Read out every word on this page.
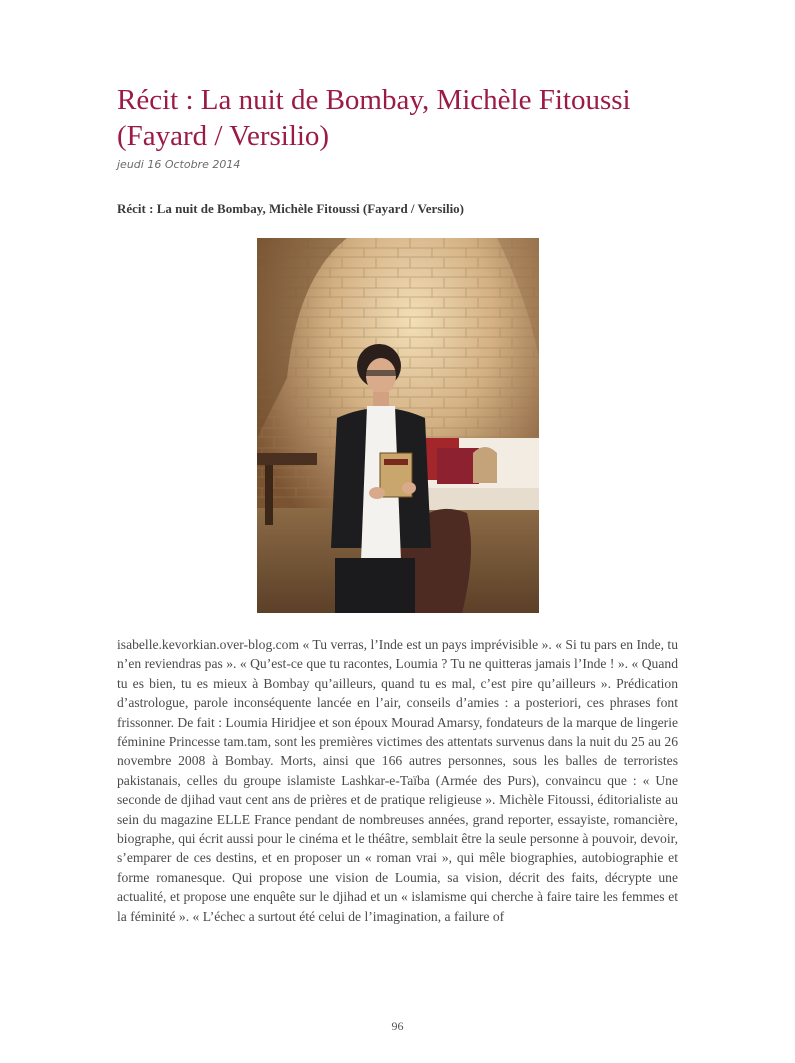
Récit : La nuit de Bombay, Michèle Fitoussi (Fayard / Versilio)
jeudi 16 Octobre 2014
Récit : La nuit de Bombay, Michèle Fitoussi (Fayard / Versilio)

isabelle.kevorkian.over-blog.com « Tu verras, l’Inde est un pays imprévisible ». « Si tu pars en Inde, tu n’en reviendras pas ». « Qu’est-ce que tu racontes, Loumia ? Tu ne quitteras jamais l’Inde ! ». « Quand tu es bien, tu es mieux à Bombay qu’ailleurs, quand tu es mal, c’est pire qu’ailleurs ». Prédication d’astrologue, parole inconséquente lancée en l’air, conseils d’amies : a posteriori, ces phrases font frissonner. De fait : Loumia Hiridjee et son époux Mourad Amarsy, fondateurs de la marque de lingerie féminine Princesse tam.tam, sont les premières victimes des attentats survenus dans la nuit du 25 au 26 novembre 2008 à Bombay. Morts, ainsi que 166 autres personnes, sous les balles de terroristes pakistanais, celles du groupe islamiste Lashkar-e-Taïba (Armée des Purs), convaincu que : « Une seconde de djihad vaut cent ans de prières et de pratique religieuse ». Michèle Fitoussi, éditorialiste au sein du magazine ELLE France pendant de nombreuses années, grand reporter, essayiste, romancière, biographe, qui écrit aussi pour le cinéma et le théâtre, semblait être la seule personne à pouvoir, devoir, s’emparer de ces destins, et en proposer un « roman vrai », qui mêle biographies, autobiographie et forme romanesque. Qui propose une vision de Loumia, sa vision, décrit des faits, décrypte une actualité, et propose une enquête sur le djihad et un « islamisme qui cherche à faire taire les femmes et la féminité ». « L’échec a surtout été celui de l’imagination, a failure of

96
